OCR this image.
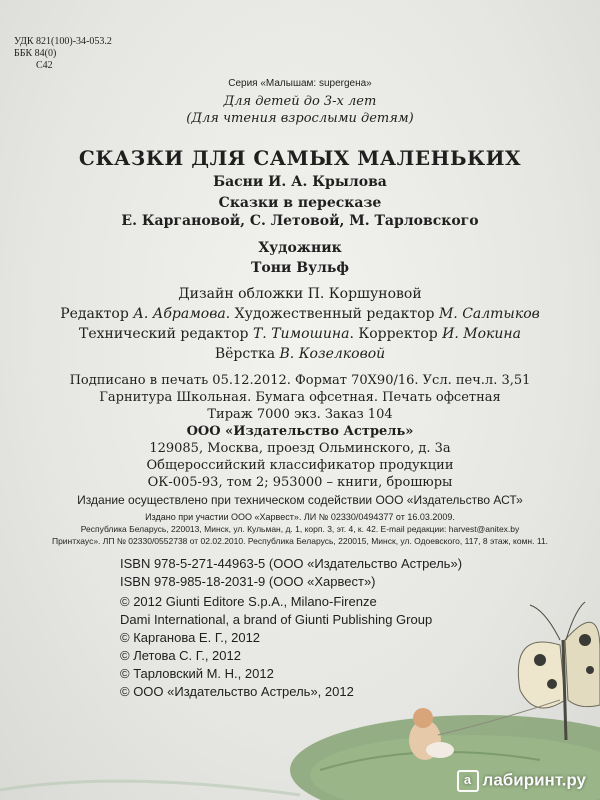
УДК 821(100)-34-053.2
ББК 84(0)
С42
Серия «Малышам: supergена»
Для детей до 3-х лет
(Для чтения взрослыми детям)
СКАЗКИ ДЛЯ САМЫХ МАЛЕНЬКИХ
Басни И. А. Крылова
Сказки в пересказе
Е. Каргановой, С. Летовой, М. Тарловского
Художник
Тони Вульф
Дизайн обложки П. Коршуновой
Редактор А. Абрамова. Художественный редактор М. Салтыков
Технический редактор Т. Тимошина. Корректор И. Мокина
Вёрстка В. Козелковой
Подписано в печать 05.12.2012. Формат 70Х90/16. Усл. печ.л. 3,51
Гарнитура Школьная. Бумага офсетная. Печать офсетная
Тираж 7000 экз. Заказ 104
ООО «Издательство Астрель»
129085, Москва, проезд Ольминского, д. 3а
Общероссийский классификатор продукции
ОК-005-93, том 2; 953000 – книги, брошюры
Издание осуществлено при техническом содействии ООО «Издательство АСТ»
Издано при участии ООО «Харвест». ЛИ № 02330/0494377 от 16.03.2009.
Республика Беларусь, 220013, Минск, ул. Кульман, д. 1, корп. 3, эт. 4, к. 42. E-mail редакции: harvest@anitex.by
Принтхаус». ЛП № 02330/0552738 от 02.02.2010. Республика Беларусь, 220015, Минск, ул. Одоевского, 117, 8 этаж, комн. 11.
ISBN 978-5-271-44963-5 (ООО «Издательство Астрель»)
ISBN 978-985-18-2031-9 (ООО «Харвест»)
© 2012 Giunti Editore S.p.A., Milano-Firenze
Dami International, a brand of Giunti Publishing Group
© Карганова Е. Г., 2012
© Летова С. Г., 2012
© Тарловский М. Н., 2012
© ООО «Издательство Астрель», 2012
а лабиринт.ру
